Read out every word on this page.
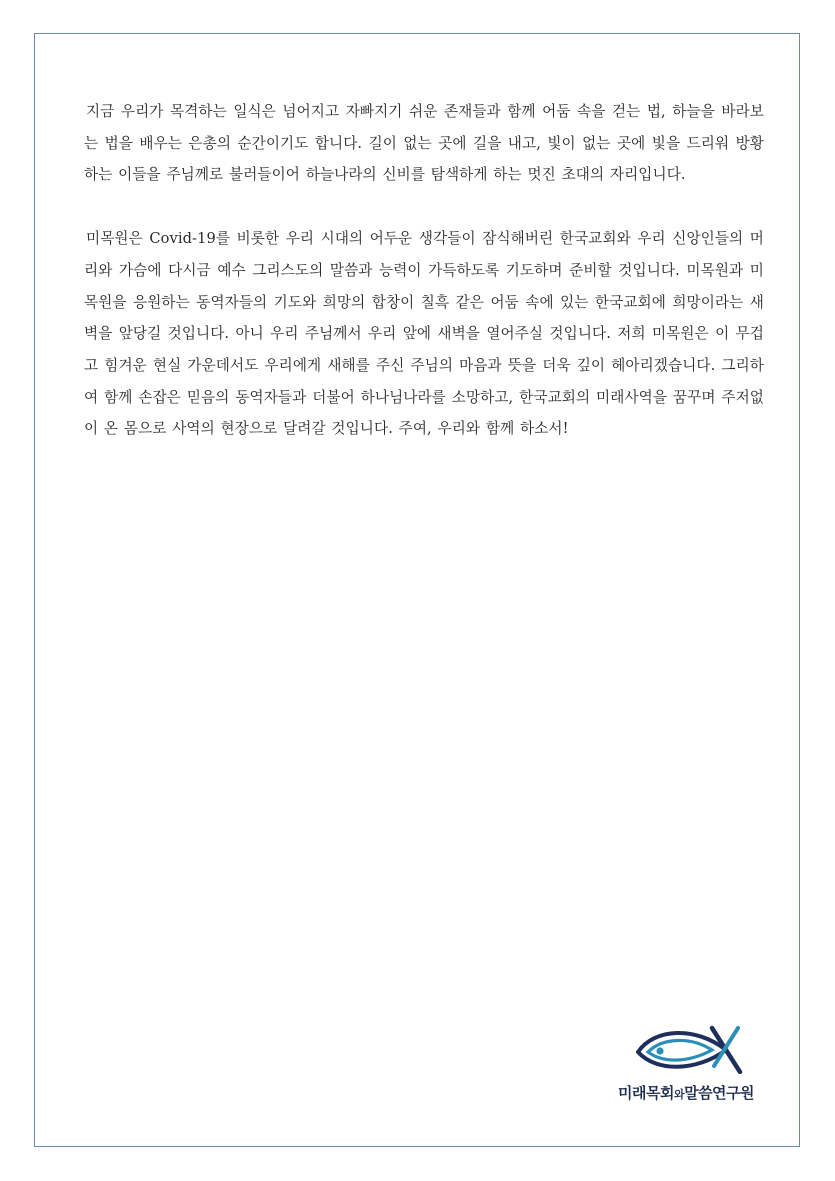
지금 우리가 목격하는 일식은 넘어지고 자빠지기 쉬운 존재들과 함께 어둠 속을 걷는 법, 하늘을 바라보는 법을 배우는 은총의 순간이기도 합니다. 길이 없는 곳에 길을 내고, 빛이 없는 곳에 빛을 드리워 방황하는 이들을 주님께로 불러들이어 하늘나라의 신비를 탐색하게 하는 멋진 초대의 자리입니다.

미목원은 Covid-19를 비롯한 우리 시대의 어두운 생각들이 잠식해버린 한국교회와 우리 신앙인들의 머리와 가슴에 다시금 예수 그리스도의 말씀과 능력이 가득하도록 기도하며 준비할 것입니다. 미목원과 미목원을 응원하는 동역자들의 기도와 희망의 합창이 칠흑 같은 어둠 속에 있는 한국교회에 희망이라는 새벽을 앞당길 것입니다. 아니 우리 주님께서 우리 앞에 새벽을 열어주실 것입니다. 저희 미목원은 이 무겁고 힘겨운 현실 가운데서도 우리에게 새해를 주신 주님의 마음과 뜻을 더욱 깊이 헤아리겠습니다. 그리하여 함께 손잡은 믿음의 동역자들과 더불어 하나님나라를 소망하고, 한국교회의 미래사역을 꿈꾸며 주저없이 온 몸으로 사역의 현장으로 달려갈 것입니다. 주여, 우리와 함께 하소서!

미래목회와말씀연구원
